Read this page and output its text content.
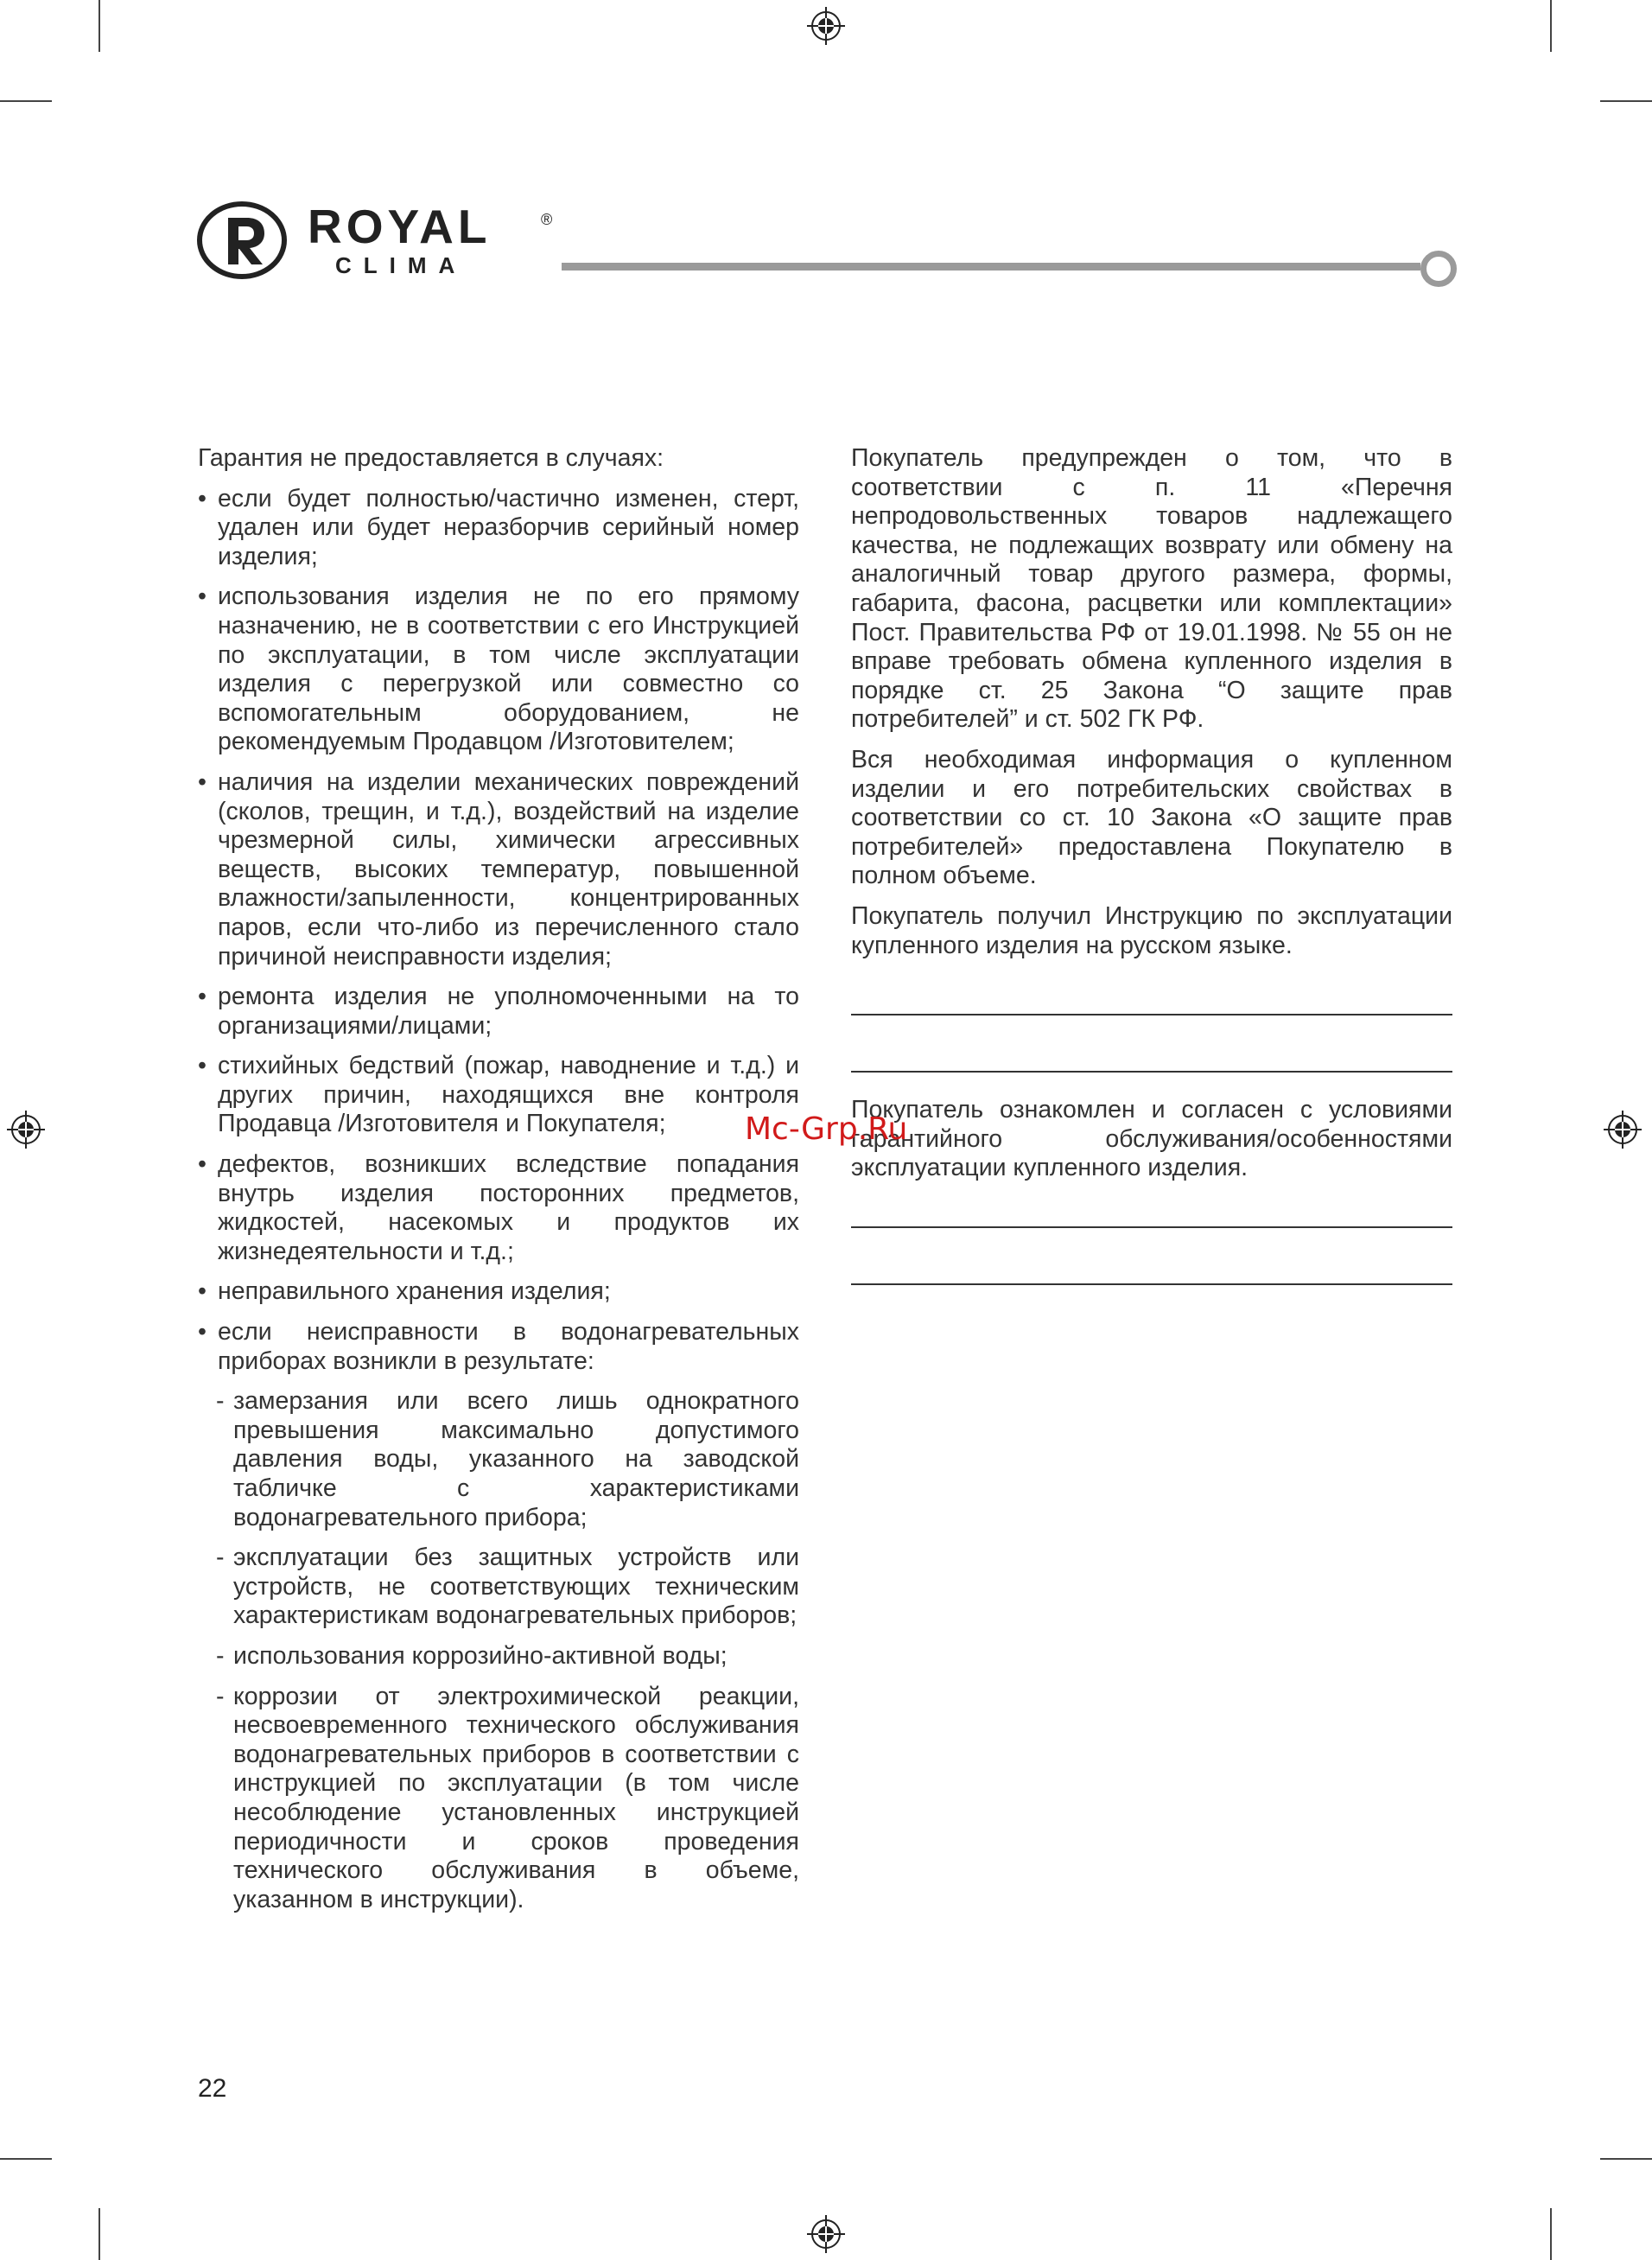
ROYAL
CLIMA
®

Гарантия не предоставляется в случаях:

• если будет полностью/частично изменен, стерт, удален или будет неразборчив серийный номер изделия;
• использования изделия не по его прямому назначению, не в соответствии с его Инструкцией по эксплуатации, в том числе эксплуатации изделия с перегрузкой или совместно со вспомогательным оборудованием, не рекомендуемым Продавцом /Изготовителем;
• наличия на изделии механических повреждений (сколов, трещин, и т.д.), воздействий на изделие чрезмерной силы, химически агрессивных веществ, высоких температур, повышенной влажности/запыленности, концентрированных паров, если что-либо из перечисленного стало причиной неисправности изделия;
• ремонта изделия не уполномоченными на то организациями/лицами;
• стихийных бедствий (пожар, наводнение и т.д.) и других причин, находящихся вне контроля Продавца /Изготовителя и Покупателя;
• дефектов, возникших вследствие попадания внутрь изделия посторонних предметов, жидкостей, насекомых и продуктов их жизнедеятельности и т.д.;
• неправильного хранения изделия;
• если неисправности в водонагревательных приборах возникли в результате:
- замерзания или всего лишь однократного превышения максимально допустимого давления воды, указанного на заводской табличке с характеристиками водонагревательного прибора;
- эксплуатации без защитных устройств или устройств, не соответствующих техническим характеристикам водонагревательных приборов;
- использования коррозийно-активной воды;
- коррозии от электрохимической реакции, несвоевременного технического обслуживания водонагревательных приборов в соответствии с инструкцией по эксплуатации (в том числе несоблюдение установленных инструкцией периодичности и сроков проведения технического обслуживания в объеме, указанном в инструкции).

Покупатель предупрежден о том, что в соответствии с п. 11 «Перечня непродовольственных товаров надлежащего качества, не подлежащих возврату или обмену на аналогичный товар другого размера, формы, габарита, фасона, расцветки или комплектации» Пост. Правительства РФ от 19.01.1998. № 55 он не вправе требовать обмена купленного изделия в порядке ст. 25 Закона “О защите прав потребителей” и ст. 502 ГК РФ.

Вся необходимая информация о купленном изделии и его потребительских свойствах в соответствии со ст. 10 Закона «О защите прав потребителей» предоставлена Покупателю в полном объеме.

Покупатель получил Инструкцию по эксплуатации купленного изделия на русском языке.

Покупатель ознакомлен и согласен с условиями гарантийного обслуживания/особенностями эксплуатации купленного изделия.

Mc-Grp.Ru
22
